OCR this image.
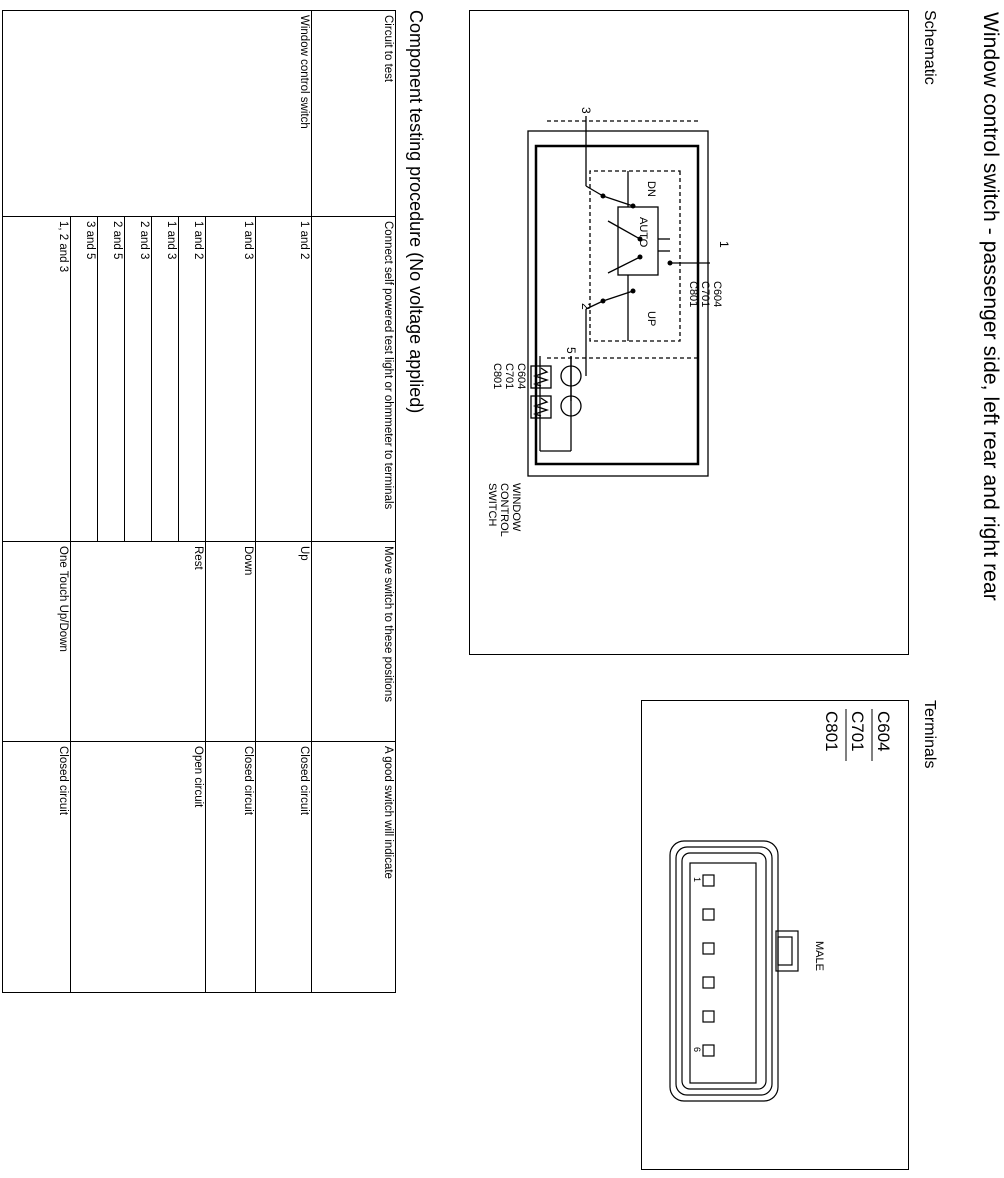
Window control switch - passenger side, left rear and right rear
Schematic
Terminals
3
2
5
1
DN
AUTO
UP
C604
C701
C801
C604
C701
C801
WINDOW
CONTROL
SWITCH
C604
C701
C801
1
6
MALE
Component testing procedure (No voltage applied)
Circuit to test	Connect self powered test light or ohmmeter to terminals	Move switch to these positions	A good switch will indicate
Window control switch	1 and 2	Up	Closed circuit
	1 and 3	Down	Closed circuit
	1 and 2	Rest	Open circuit
	1 and 3		
	2 and 3		
	2 and 5		
	3 and 5		
	1, 2 and 3	One Touch Up/Down	Closed circuit
